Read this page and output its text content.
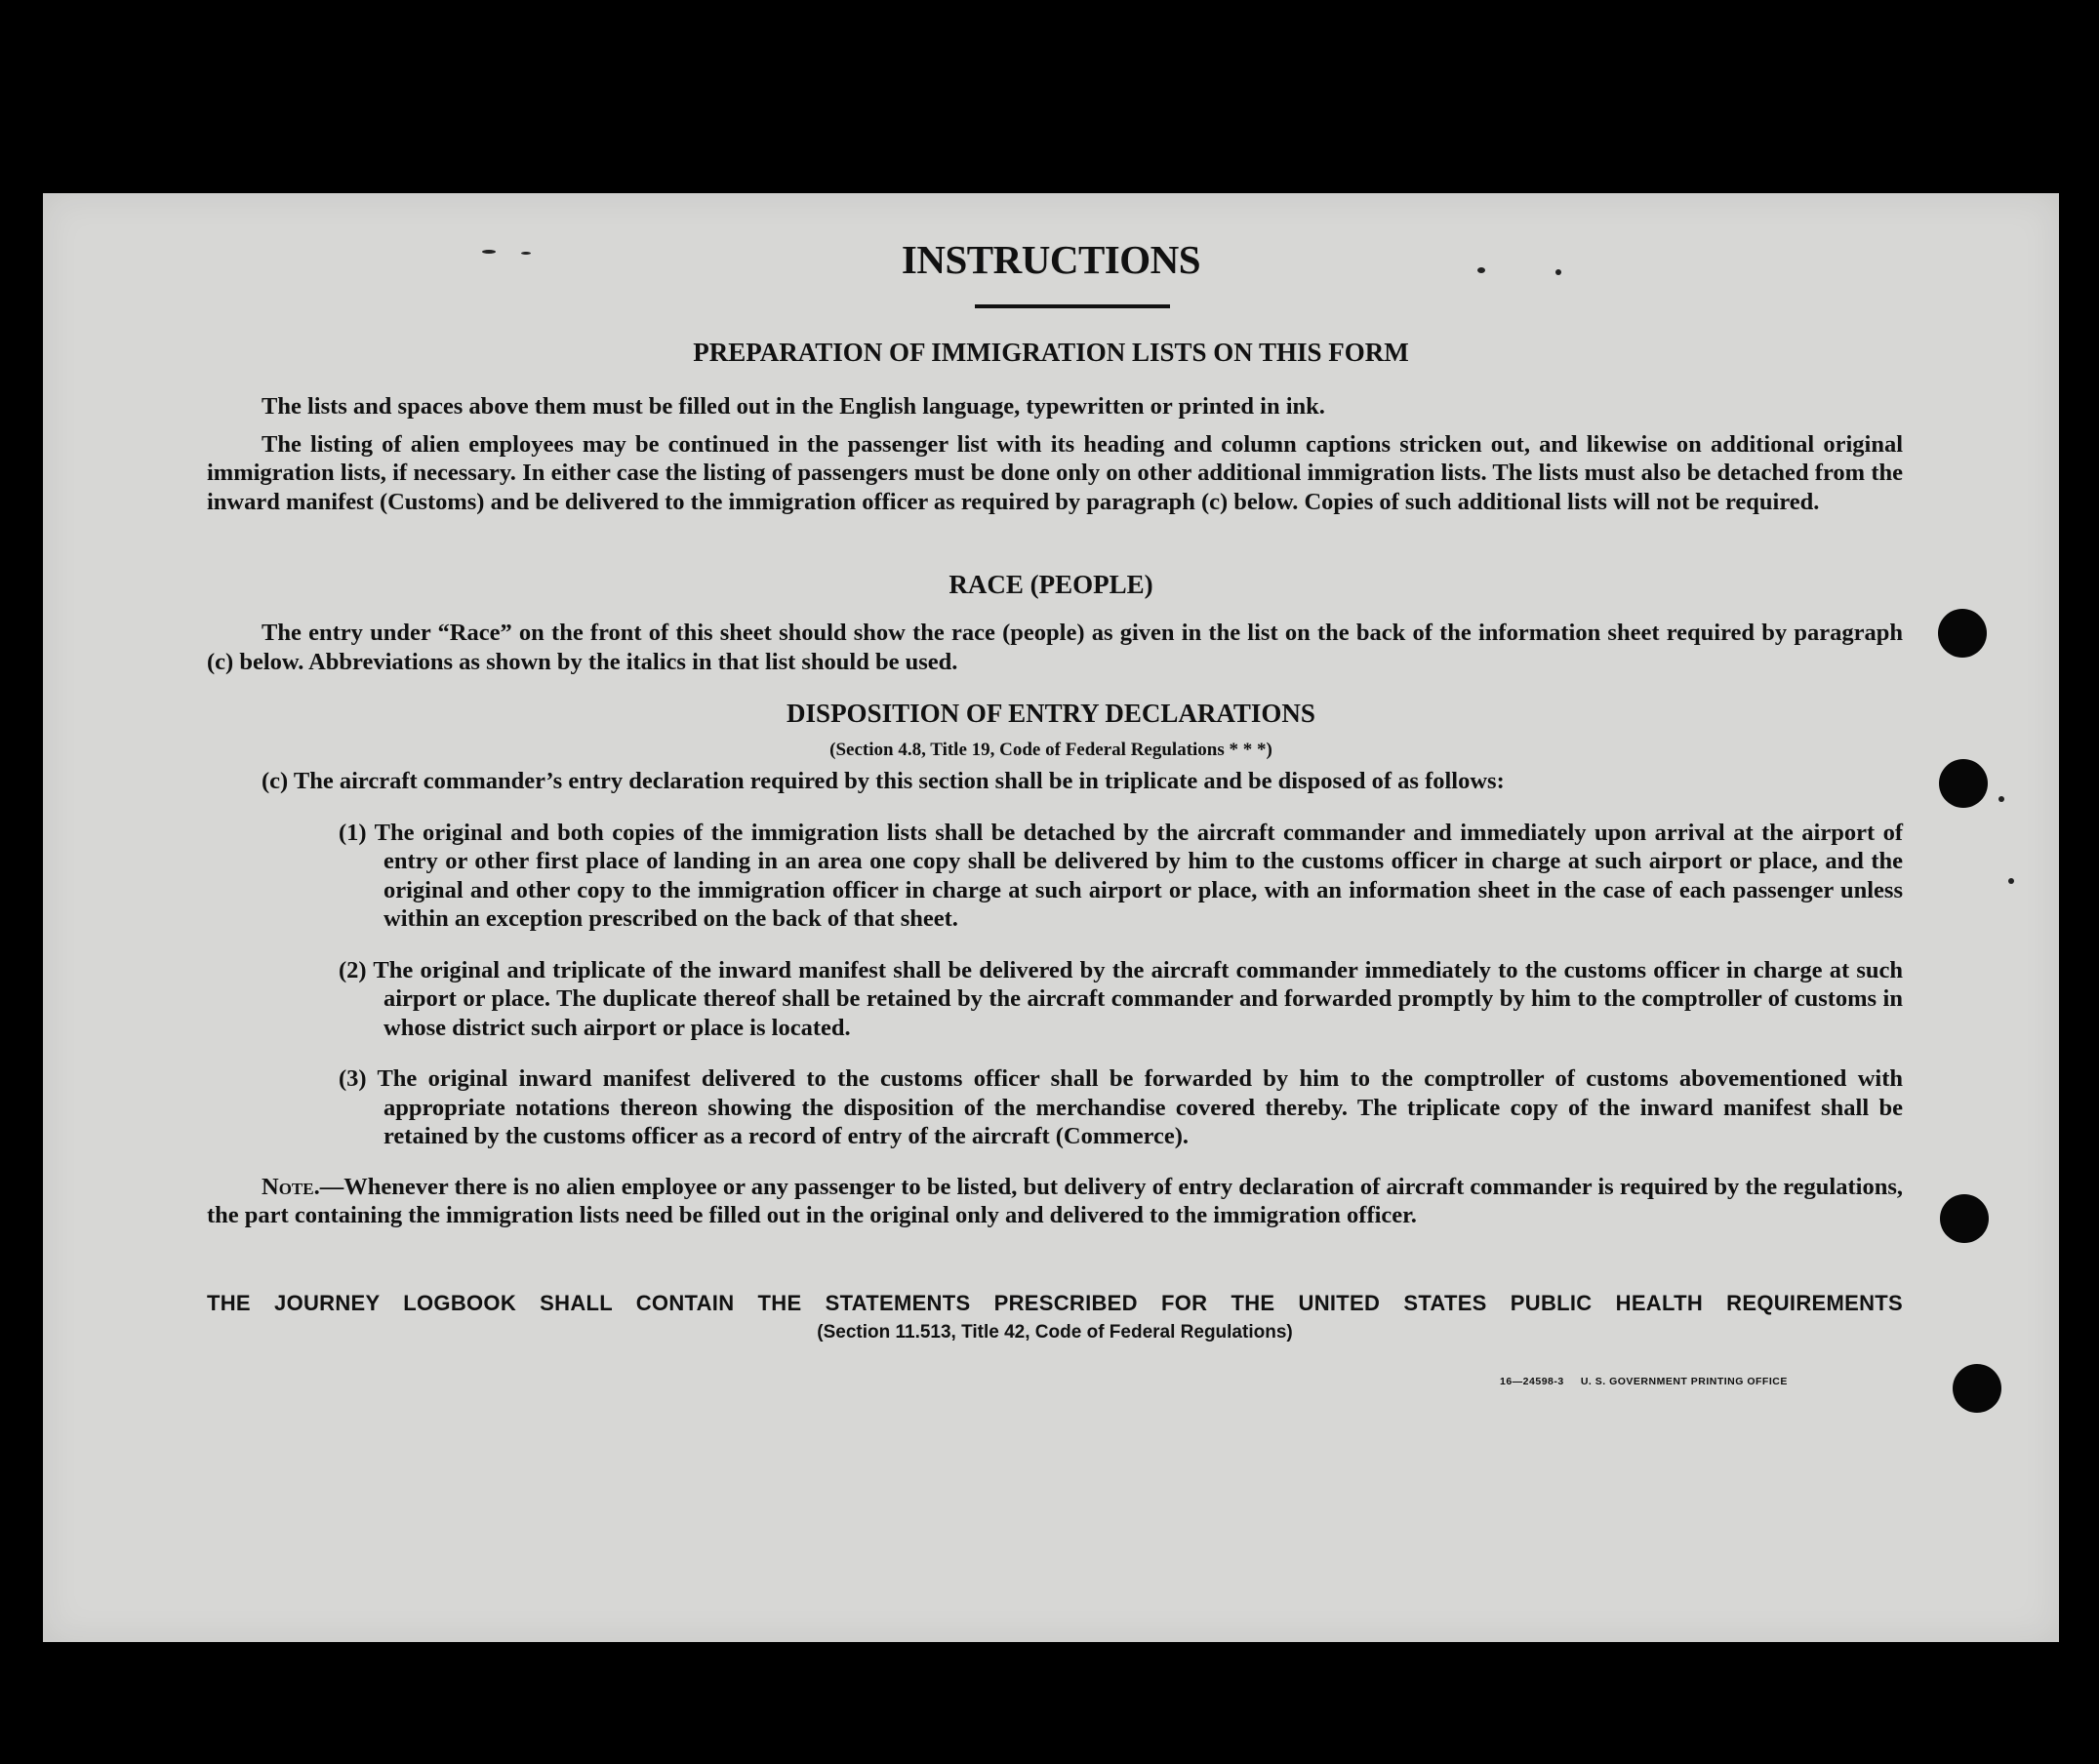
INSTRUCTIONS
PREPARATION OF IMMIGRATION LISTS ON THIS FORM

The lists and spaces above them must be filled out in the English language, typewritten or printed in ink.

The listing of alien employees may be continued in the passenger list with its heading and column captions stricken out, and likewise on additional original immigration lists, if necessary. In either case the listing of passengers must be done only on other additional immigration lists. The lists must also be detached from the inward manifest (Customs) and be delivered to the immigration officer as required by paragraph (c) below. Copies of such additional lists will not be required.

RACE (PEOPLE)

The entry under “Race” on the front of this sheet should show the race (people) as given in the list on the back of the information sheet required by paragraph (c) below. Abbreviations as shown by the italics in that list should be used.

DISPOSITION OF ENTRY DECLARATIONS
(Section 4.8, Title 19, Code of Federal Regulations * * *)

(c) The aircraft commander’s entry declaration required by this section shall be in triplicate and be disposed of as follows:

(1) The original and both copies of the immigration lists shall be detached by the aircraft commander and immediately upon arrival at the airport of entry or other first place of landing in an area one copy shall be delivered by him to the customs officer in charge at such airport or place, and the original and other copy to the immigration officer in charge at such airport or place, with an information sheet in the case of each passenger unless within an exception prescribed on the back of that sheet.

(2) The original and triplicate of the inward manifest shall be delivered by the aircraft commander immediately to the customs officer in charge at such airport or place. The duplicate thereof shall be retained by the aircraft commander and forwarded promptly by him to the comptroller of customs in whose district such airport or place is located.

(3) The original inward manifest delivered to the customs officer shall be forwarded by him to the comptroller of customs abovementioned with appropriate notations thereon showing the disposition of the merchandise covered thereby. The triplicate copy of the inward manifest shall be retained by the customs officer as a record of entry of the aircraft (Commerce).

Note.—Whenever there is no alien employee or any passenger to be listed, but delivery of entry declaration of aircraft commander is required by the regulations, the part containing the immigration lists need be filled out in the original only and delivered to the immigration officer.

THE JOURNEY LOGBOOK SHALL CONTAIN THE STATEMENTS PRESCRIBED FOR THE UNITED STATES PUBLIC HEALTH REQUIREMENTS
(Section 11.513, Title 42, Code of Federal Regulations)
16—24598-3 U. S. GOVERNMENT PRINTING OFFICE
